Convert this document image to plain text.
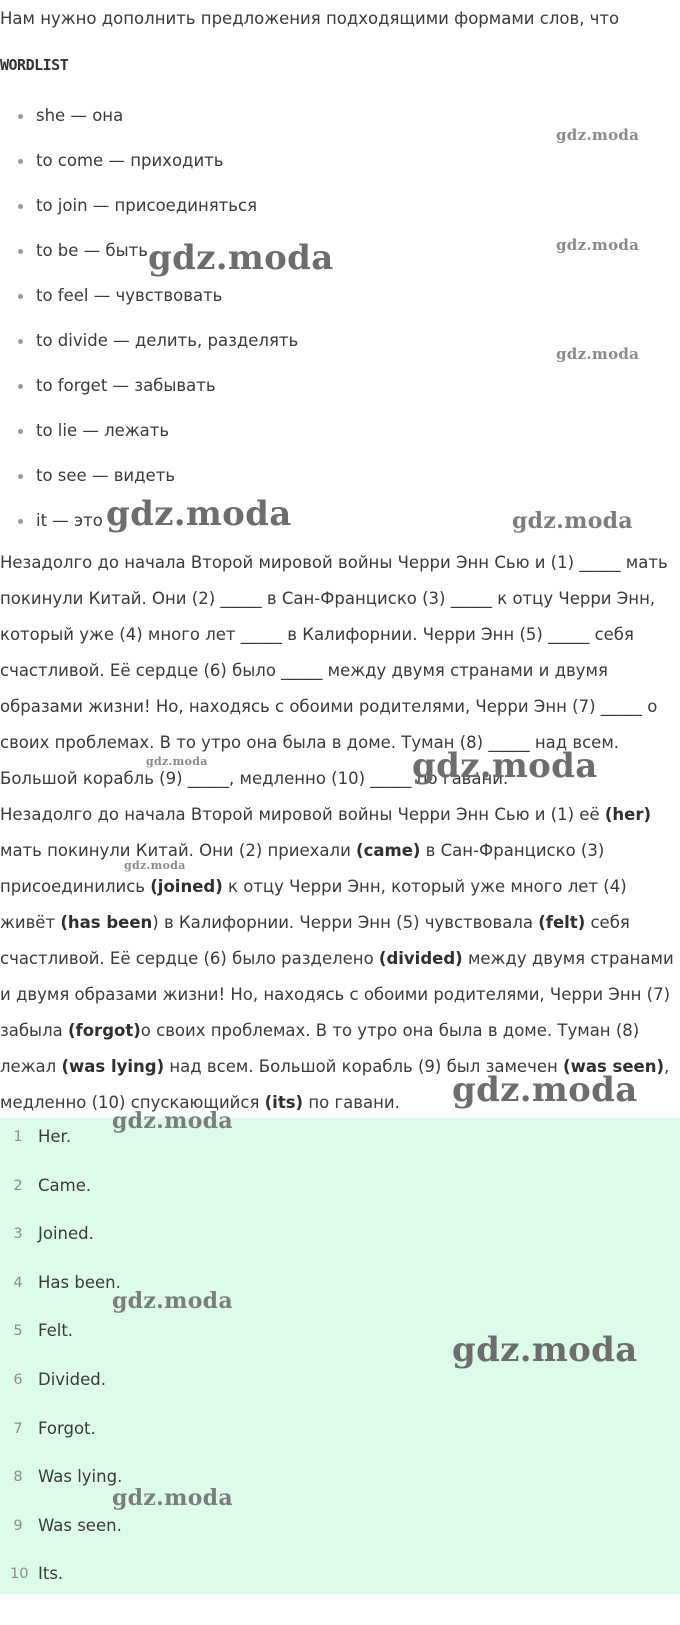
Нам нужно дополнить предложения подходящими формами слов, что
WORDLIST
she — она
to come — приходить
to join — присоединяться
to be — быть
to feel — чувствовать
to divide — делить, разделять
to forget — забывать
to lie — лежать
to see — видеть
it — это

Незадолго до начала Второй мировой войны Черри Энн Сью и (1) _____ мать покинули Китай. Они (2) _____ в Сан-Франциско (3) _____ к отцу Черри Энн, который уже (4) много лет _____ в Калифорнии. Черри Энн (5) _____ себя счастливой. Её сердце (6) было _____ между двумя странами и двумя образами жизни! Но, находясь с обоими родителями, Черри Энн (7) _____ о своих проблемах. В то утро она была в доме. Туман (8) _____ над всем. Большой корабль (9) _____, медленно (10) _____ по гавани.

Незадолго до начала Второй мировой войны Черри Энн Сью и (1) её (her) мать покинули Китай. Они (2) приехали (came) в Сан-Франциско (3) присоединились (joined) к отцу Черри Энн, который уже много лет (4) живёт (has been) в Калифорнии. Черри Энн (5) чувствовала (felt) себя счастливой. Её сердце (6) было разделено (divided) между двумя странами и двумя образами жизни! Но, находясь с обоими родителями, Черри Энн (7) забыла (forgot)о своих проблемах. В то утро она была в доме. Туман (8) лежал (was lying) над всем. Большой корабль (9) был замечен (was seen), медленно (10) спускающийся (its) по гавани.

1 Her.
2 Came.
3 Joined.
4 Has been.
5 Felt.
6 Divided.
7 Forgot.
8 Was lying.
9 Was seen.
10 Its.
gdz.moda
gdz.moda
gdz.moda
gdz.moda
gdz.moda	gdz.moda
gdz.moda
gdz.moda
gdz.moda
gdz.moda
gdz.moda
gdz.moda
gdz.moda
gdz.moda
